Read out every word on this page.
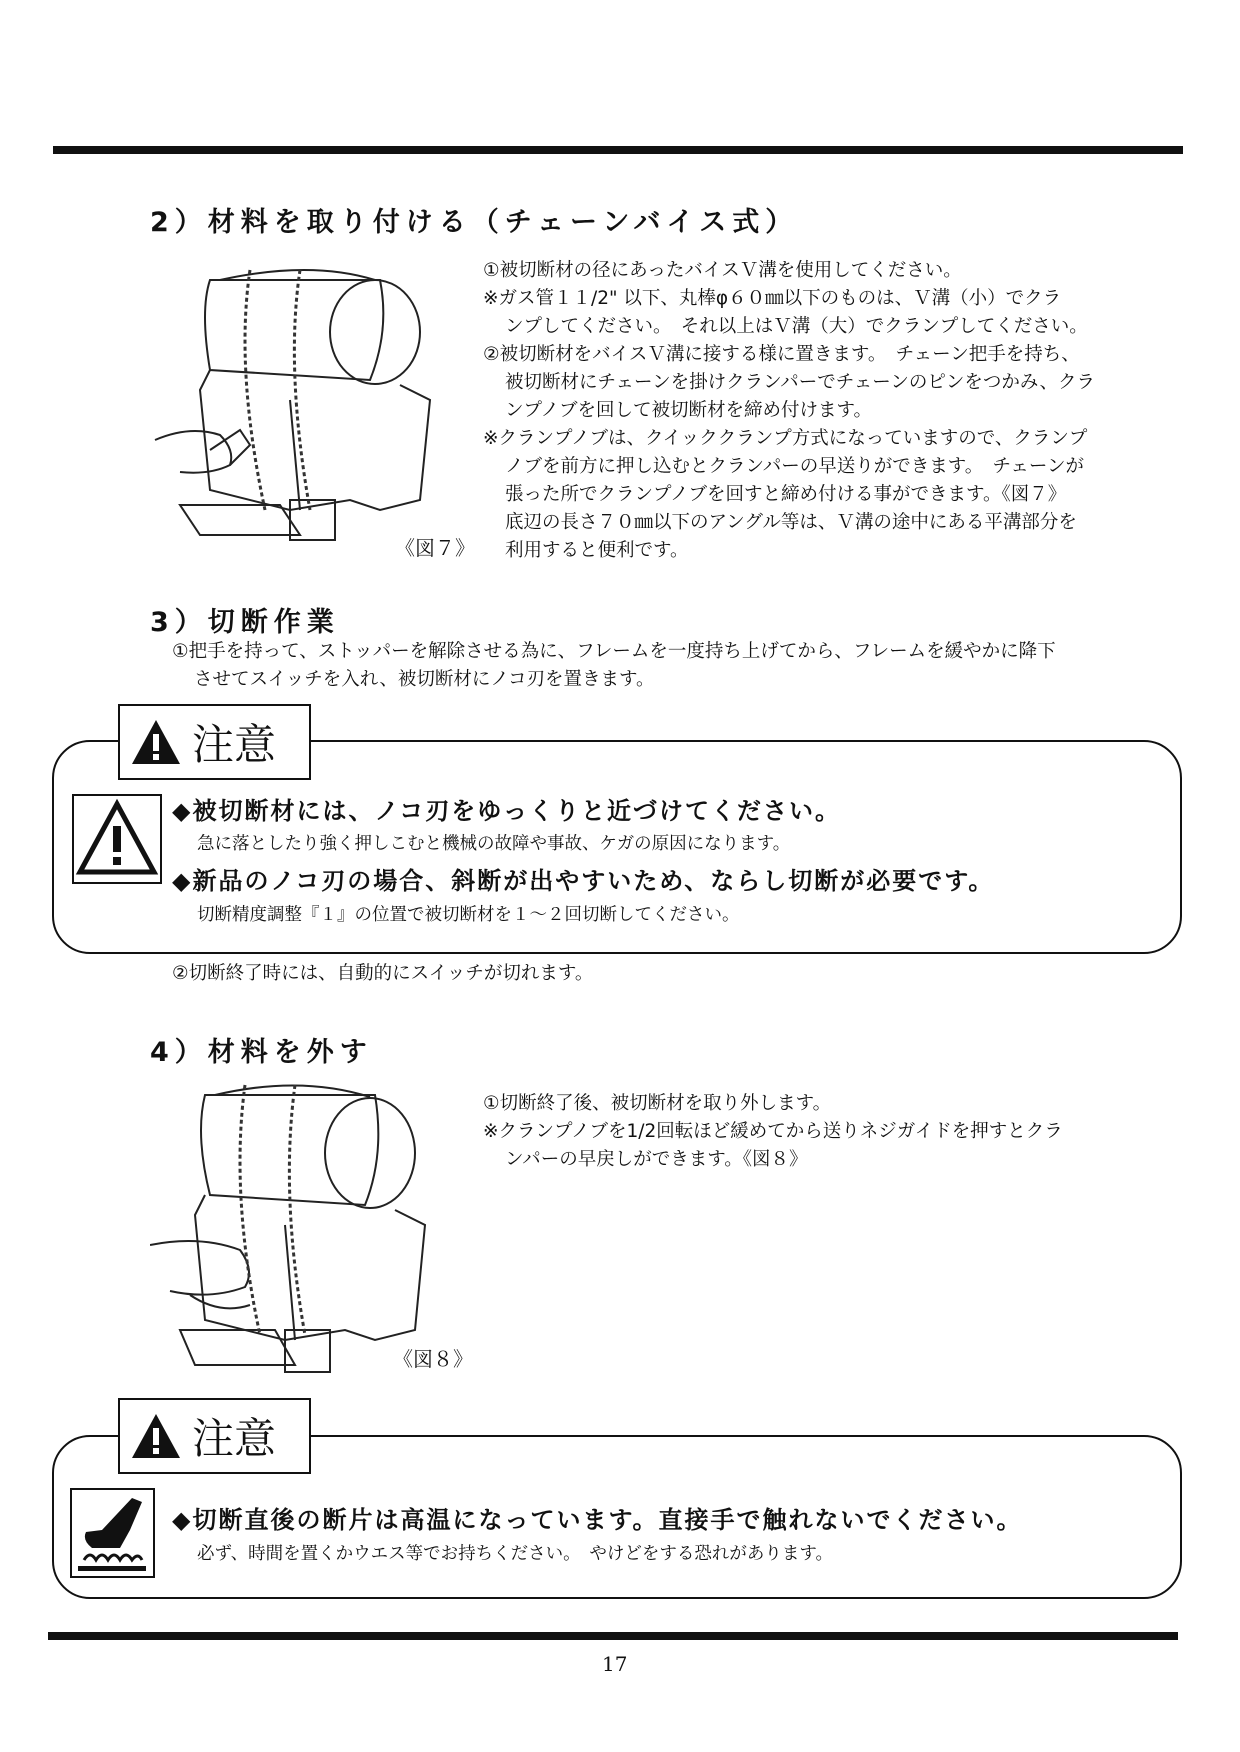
2）材料を取り付ける（チェーンバイス式）
《図７》

①被切断材の径にあったバイスＶ溝を使用してください。

※ガス管１１/2" 以下、丸棒φ６０㎜以下のものは、Ｖ溝（小）でクラ

ンプしてください。　それ以上はＶ溝（大）でクランプしてください。

②被切断材をバイスＶ溝に接する様に置きます。　チェーン把手を持ち、

被切断材にチェーンを掛けクランパーでチェーンのピンをつかみ、クラ

ンプノブを回して被切断材を締め付けます。

※クランプノブは、クイッククランプ方式になっていますので、クランプ

ノブを前方に押し込むとクランパーの早送りができます。　チェーンが

張った所でクランプノブを回すと締め付ける事ができます。《図７》

底辺の長さ７０㎜以下のアングル等は、Ｖ溝の途中にある平溝部分を

利用すると便利です。

3）切断作業

①把手を持って、ストッパーを解除させる為に、フレームを一度持ち上げてから、フレームを緩やかに降下

させてスイッチを入れ、被切断材にノコ刃を置きます。

注意
◆被切断材には、ノコ刃をゆっくりと近づけてください。
急に落としたり強く押しこむと機械の故障や事故、ケガの原因になります。
◆新品のノコ刃の場合、斜断が出やすいため、ならし切断が必要です。
切断精度調整『１』の位置で被切断材を１～２回切断してください。
②切断終了時には、自動的にスイッチが切れます。
4）材料を外す
《図８》

①切断終了後、被切断材を取り外します。

※クランプノブを1/2回転ほど緩めてから送りネジガイドを押すとクラ

ンパーの早戻しができます。《図８》

注意
◆切断直後の断片は高温になっています。直接手で触れないでください。
必ず、時間を置くかウエス等でお持ちください。　やけどをする恐れがあります。
17
